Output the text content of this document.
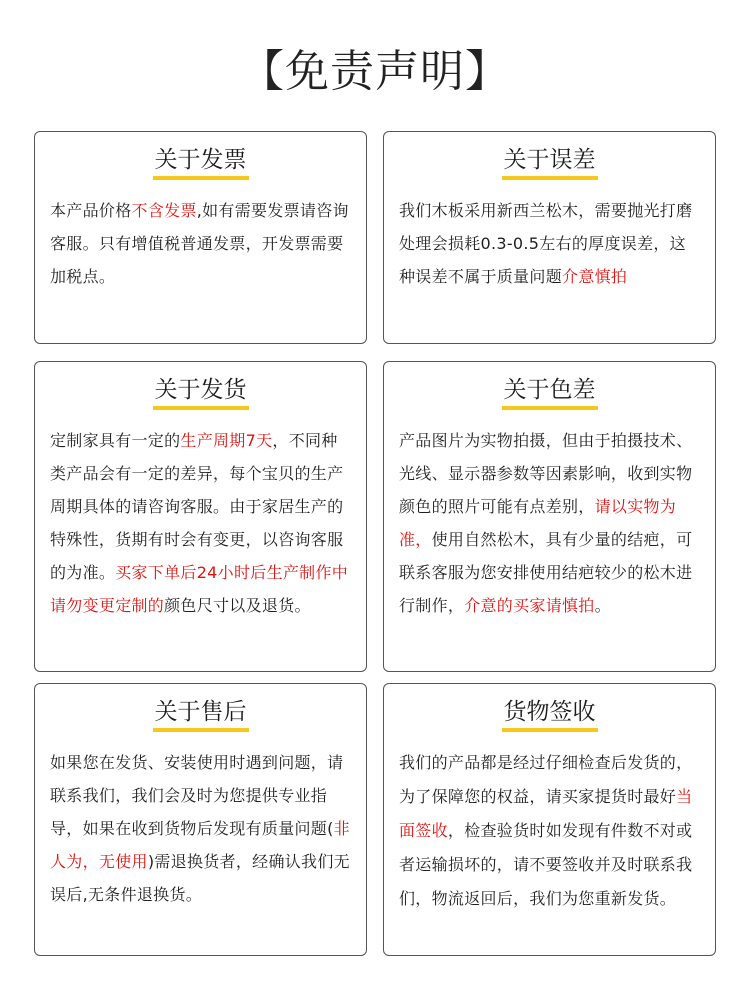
【免责声明】
关于发票
本产品价格不含发票,如有需要发票请咨询客服。只有增值税普通发票，开发票需要加税点。
关于误差
我们木板采用新西兰松木，需要抛光打磨处理会损耗0.3-0.5左右的厚度误差，这种误差不属于质量问题介意慎拍
关于发货
定制家具有一定的生产周期7天，不同种类产品会有一定的差异，每个宝贝的生产周期具体的请咨询客服。由于家居生产的特殊性，货期有时会有变更，以咨询客服的为准。买家下单后24小时后生产制作中请勿变更定制的颜色尺寸以及退货。
关于色差
产品图片为实物拍摄，但由于拍摄技术、光线、显示器参数等因素影响，收到实物颜色的照片可能有点差别，请以实物为准，使用自然松木，具有少量的结疤，可联系客服为您安排使用结疤较少的松木进行制作，介意的买家请慎拍。
关于售后
如果您在发货、安装使用时遇到问题，请联系我们，我们会及时为您提供专业指导，如果在收到货物后发现有质量问题(非人为，无使用)需退换货者，经确认我们无误后,无条件退换货。
货物签收
我们的产品都是经过仔细检查后发货的，为了保障您的权益，请买家提货时最好当面签收，检查验货时如发现有件数不对或者运输损坏的，请不要签收并及时联系我们，物流返回后，我们为您重新发货。
